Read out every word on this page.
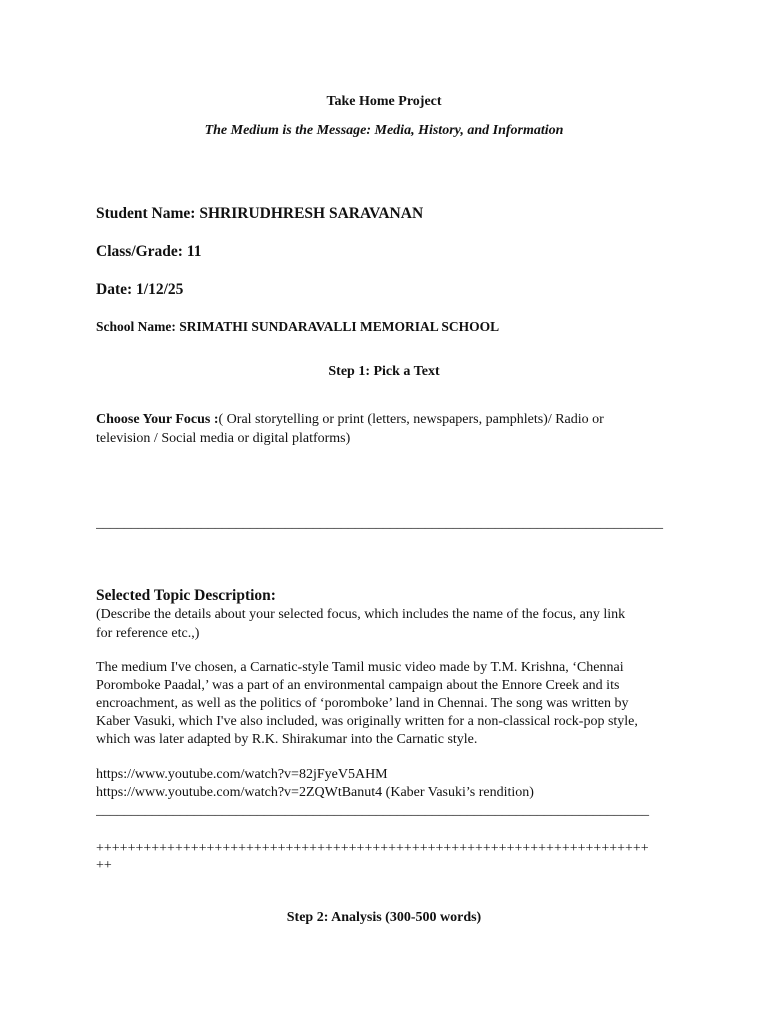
Take Home Project
The Medium is the Message: Media, History, and Information
Student Name: SHRIRUDHRESH SARAVANAN
Class/Grade: 11
Date: 1/12/25
School Name: SRIMATHI SUNDARAVALLI MEMORIAL SCHOOL
Step 1: Pick a Text
Choose Your Focus :( Oral storytelling or print (letters, newspapers, pamphlets)/ Radio or
television / Social media or digital platforms)
_________________________________________________________________________________
Selected Topic Description:
(Describe the details about your selected focus, which includes the name of the focus, any link
for reference etc.,)
The medium I've chosen, a Carnatic-style Tamil music video made by T.M. Krishna, ‘Chennai
Poromboke Paadal,’ was a part of an environmental campaign about the Ennore Creek and its
encroachment, as well as the politics of ‘poromboke’ land in Chennai. The song was written by
Kaber Vasuki, which I've also included, was originally written for a non-classical rock-pop style,
which was later adapted by R.K. Shirakumar into the Carnatic style.
https://www.youtube.com/watch?v=82jFyeV5AHM
https://www.youtube.com/watch?v=2ZQWtBanut4 (Kaber Vasuki’s rendition)
_______________________________________________________________________________
++++++++++++++++++++++++++++++++++++++++++++++++++++++++++++++++++++++
++
Step 2: Analysis (300-500 words)
